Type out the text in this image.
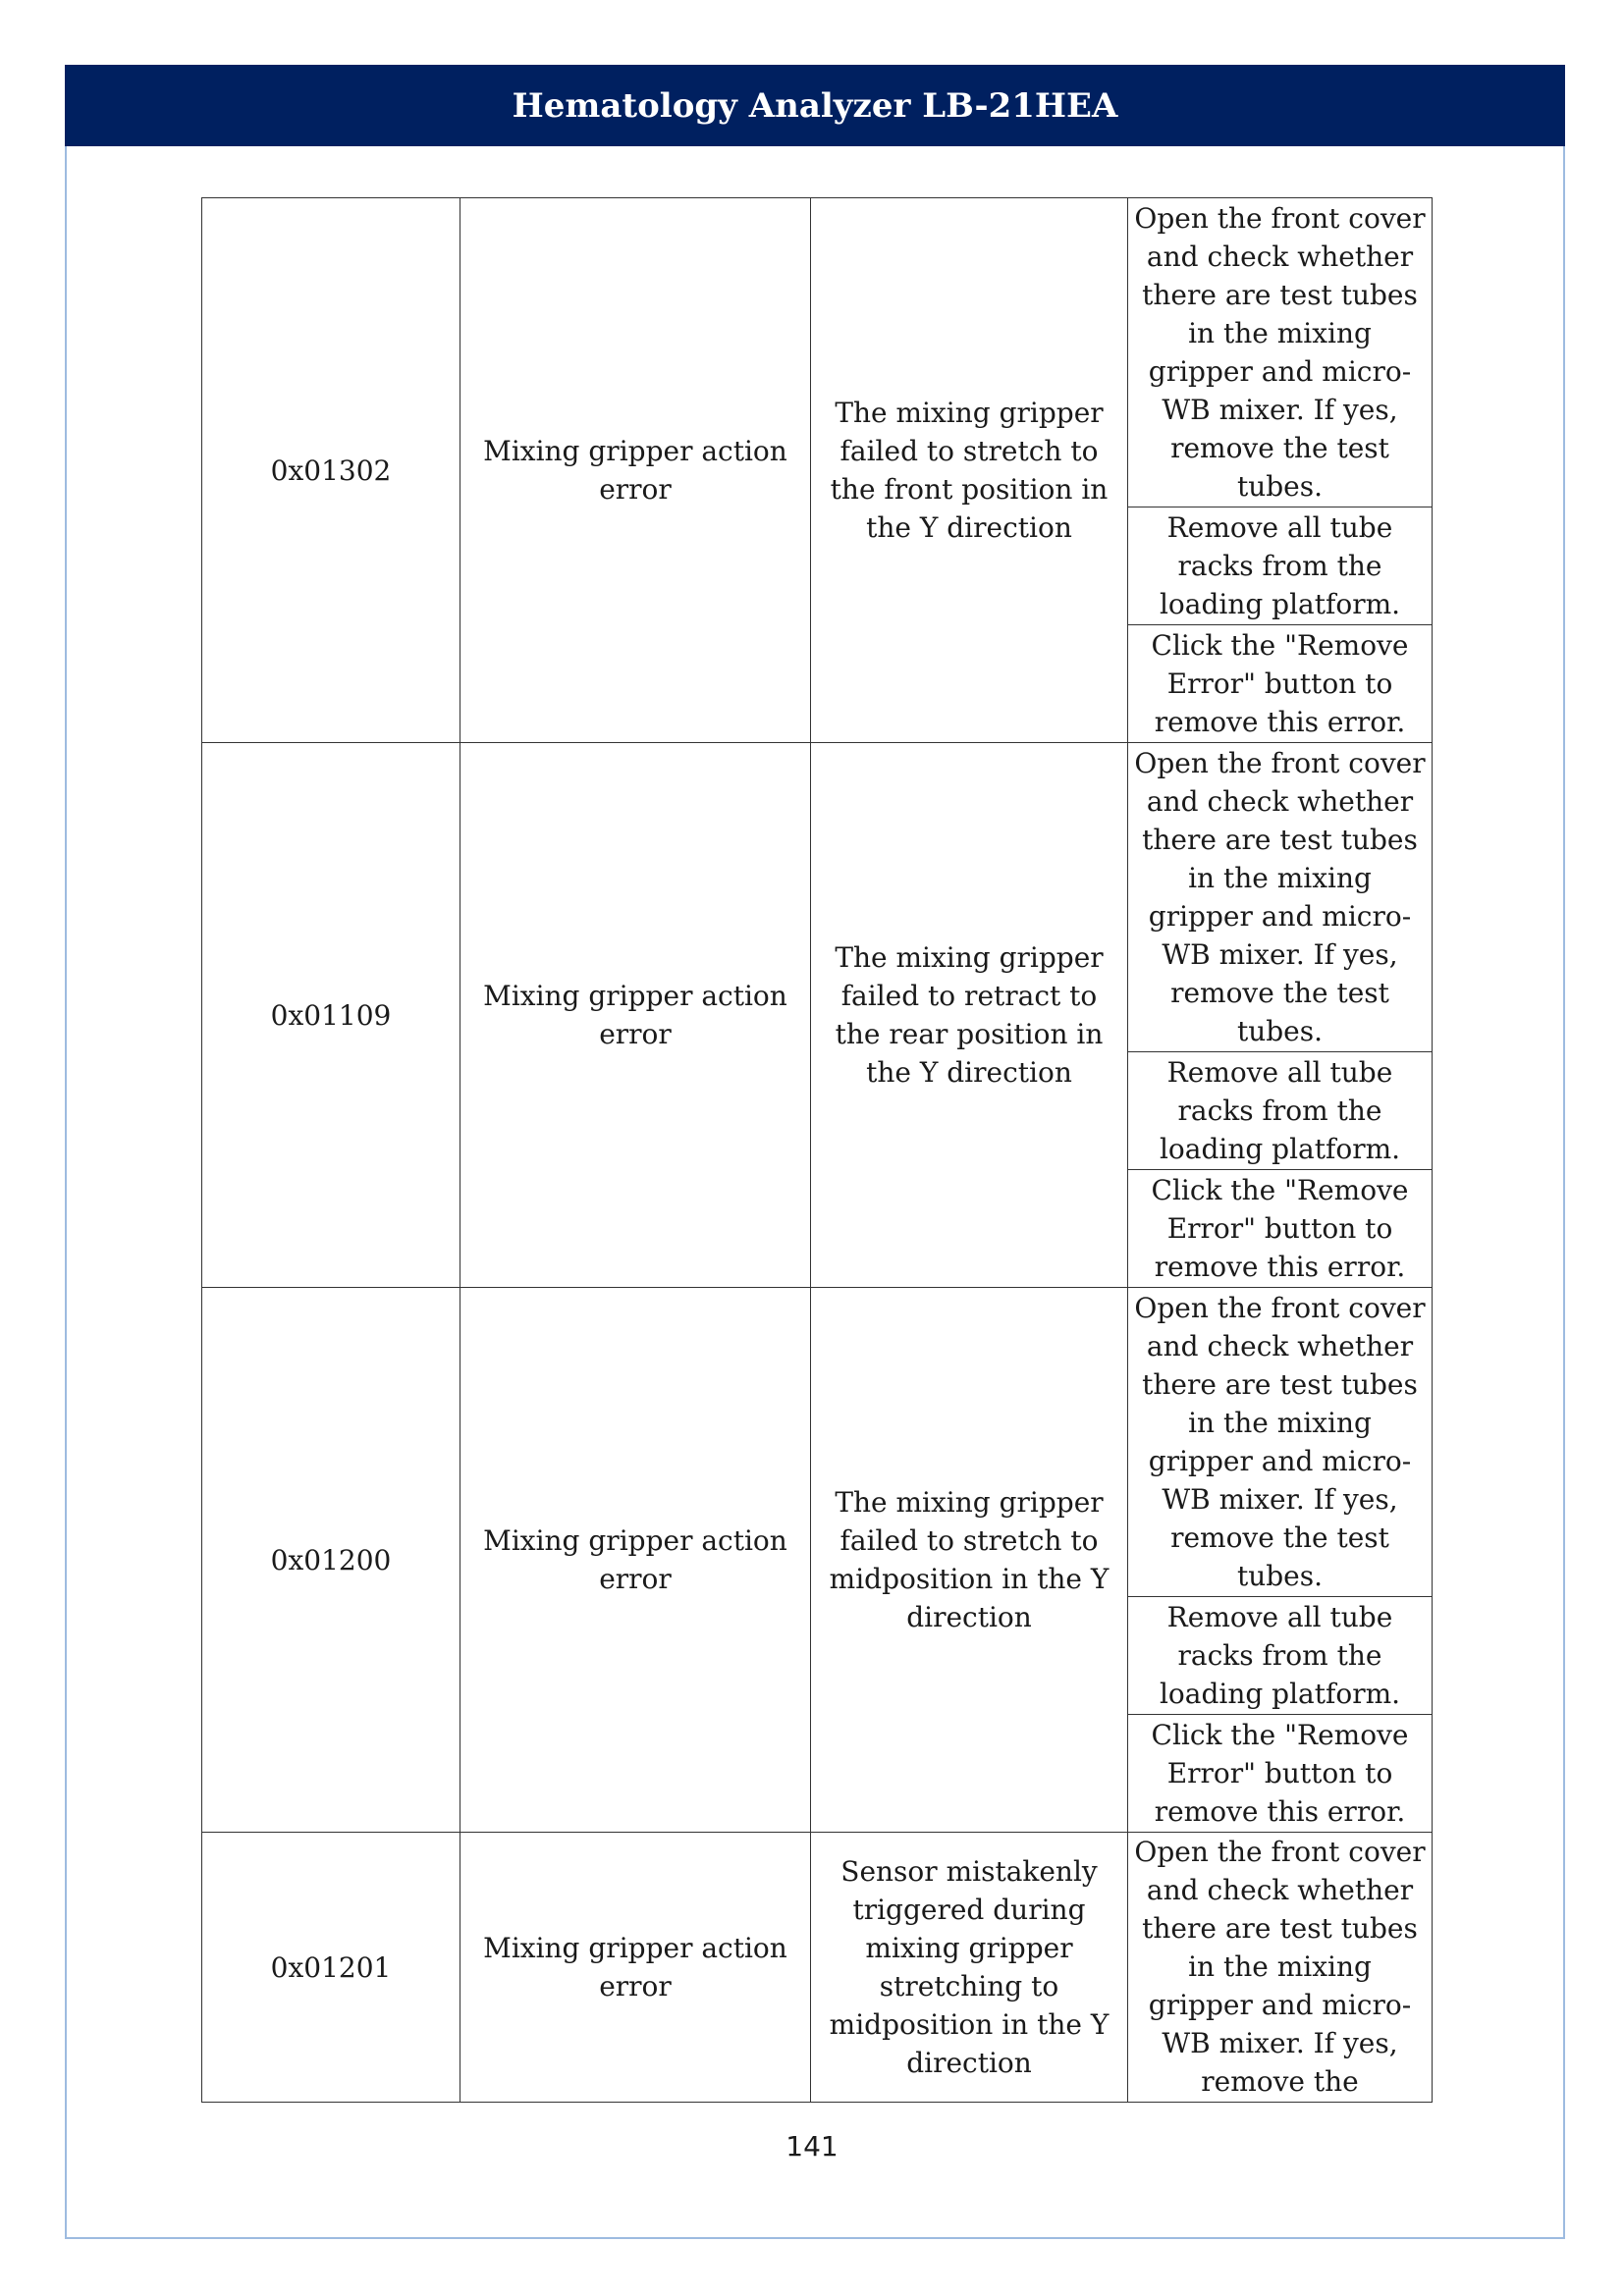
Hematology Analyzer LB-21HEA
0x01302	Mixing gripper action error	The mixing gripper failed to stretch to the front position in the Y direction	Open the front cover and check whether there are test tubes in the mixing gripper and micro-WB mixer. If yes, remove the test tubes.
			Remove all tube racks from the loading platform.
			Click the "Remove Error" button to remove this error.
0x01109	Mixing gripper action error	The mixing gripper failed to retract to the rear position in the Y direction	Open the front cover and check whether there are test tubes in the mixing gripper and micro-WB mixer. If yes, remove the test tubes.
			Remove all tube racks from the loading platform.
			Click the "Remove Error" button to remove this error.
0x01200	Mixing gripper action error	The mixing gripper failed to stretch to midposition in the Y direction	Open the front cover and check whether there are test tubes in the mixing gripper and micro-WB mixer. If yes, remove the test tubes.
			Remove all tube racks from the loading platform.
			Click the "Remove Error" button to remove this error.
0x01201	Mixing gripper action error	Sensor mistakenly triggered during mixing gripper stretching to midposition in the Y direction	Open the front cover and check whether there are test tubes in the mixing gripper and micro-WB mixer. If yes, remove the
141
